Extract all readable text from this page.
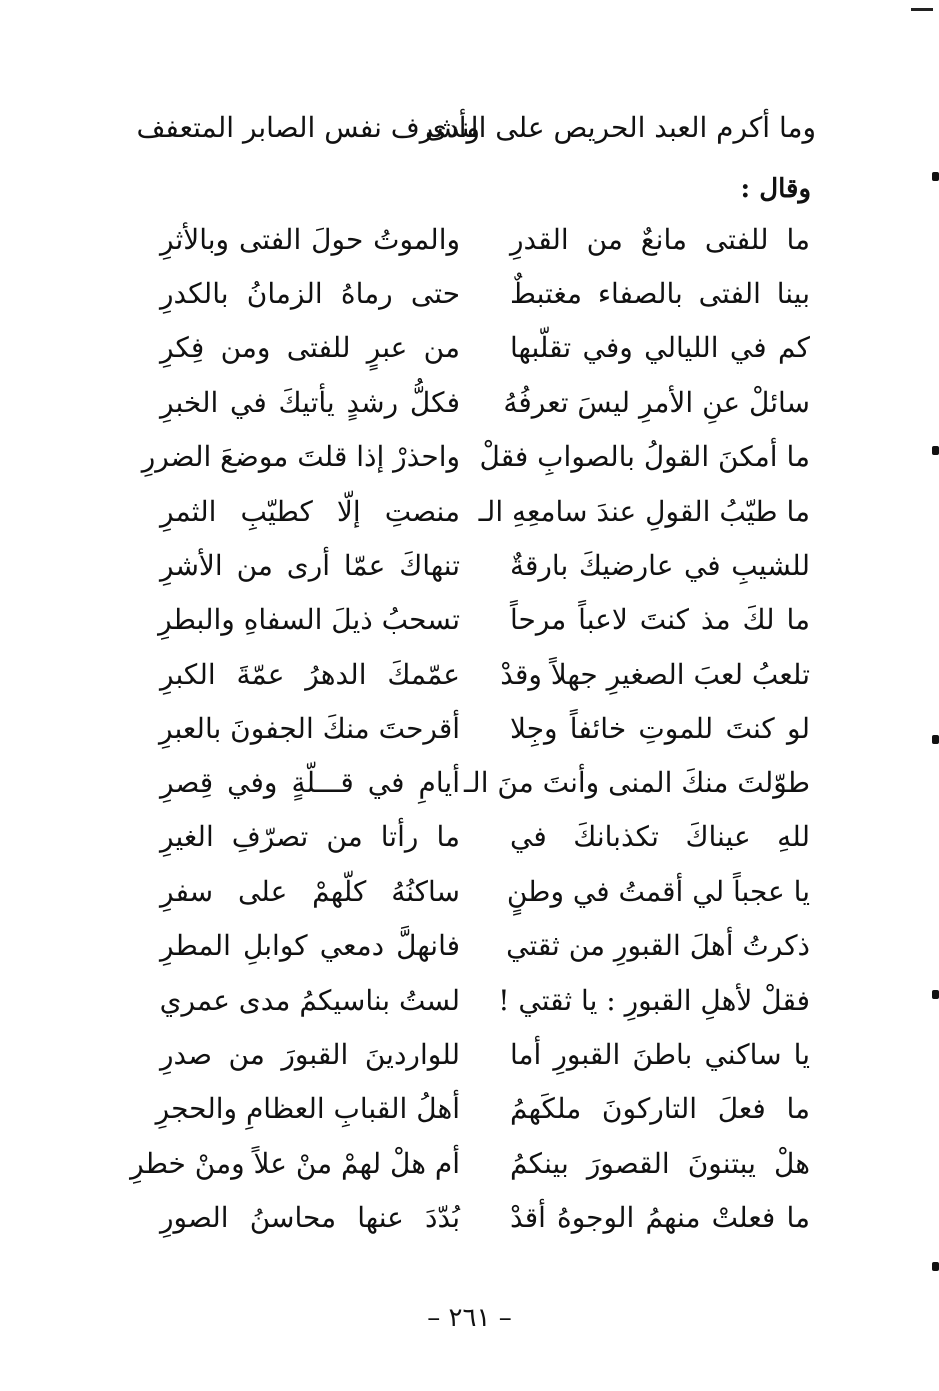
وما أكرم العبد الحريص على الندى
وأشرف نفس الصابر المتعفف
وقال :
ما للفتى مانعٌ من القدرِ
والموتُ حولَ الفتى وبالأثرِ
بينا الفتى بالصفاء مغتبطٌ
حتى رماهُ الزمانُ بالكدرِ
كم في الليالي وفي تقلّبها
من عبرٍ للفتى ومن فِكرِ
سائلْ عنِ الأمرِ ليسَ تعرفُهُ
فكلُّ رشدٍ يأتيكَ في الخبرِ
ما أمكنَ القولُ بالصوابِ فقلْ
واحذرْ إذا قلتَ موضعَ الضررِ
ما طيّبُ القولِ عندَ سامعِهِ الـ
منصتِ إلّا كطيّبِ الثمرِ
للشيبِ في عارضيكَ بارقةٌ
تنهاكَ عمّا أرى من الأشرِ
ما لكَ مذ كنتَ لاعباً مرحاً
تسحبُ ذيلَ السفاهِ والبطرِ
تلعبُ لعبَ الصغيرِ جهلاً وقدْ
عمّمكَ الدهرُ عمّةَ الكبرِ
لو كنتَ للموتِ خائفاً وجِلا
أقرحتَ منكَ الجفونَ بالعبرِ
طوّلتَ منكَ المنى وأنتَ منَ الـ
أيامِ في قـــلّةٍ وفي قِصرِ
للهِ عيناكَ تكذبانكَ في
ما رأتا من تصرّفِ الغيرِ
يا عجباً لي أقمتُ في وطنٍ
ساكنُهُ كلّهمْ على سفرِ
ذكرتُ أهلَ القبورِ من ثقتي
فانهلَّ دمعي كوابلِ المطرِ
فقلْ لأهلِ القبورِ : يا ثقتي !
لستُ بناسيكمُ مدى عمري
يا ساكني باطنَ القبورِ أما
للواردينَ القبورَ من صدرِ
ما فعلَ التاركونَ ملكَهمُ
أهلُ القبابِ العظامِ والحجرِ
هلْ يبتنونَ القصورَ بينكمُ
أم هلْ لهمْ منْ علاً ومنْ خطرِ
ما فعلتْ منهمُ الوجوهُ أقدْ
بُدّدَ عنها محاسنُ الصورِ
– ٢٦١ –
